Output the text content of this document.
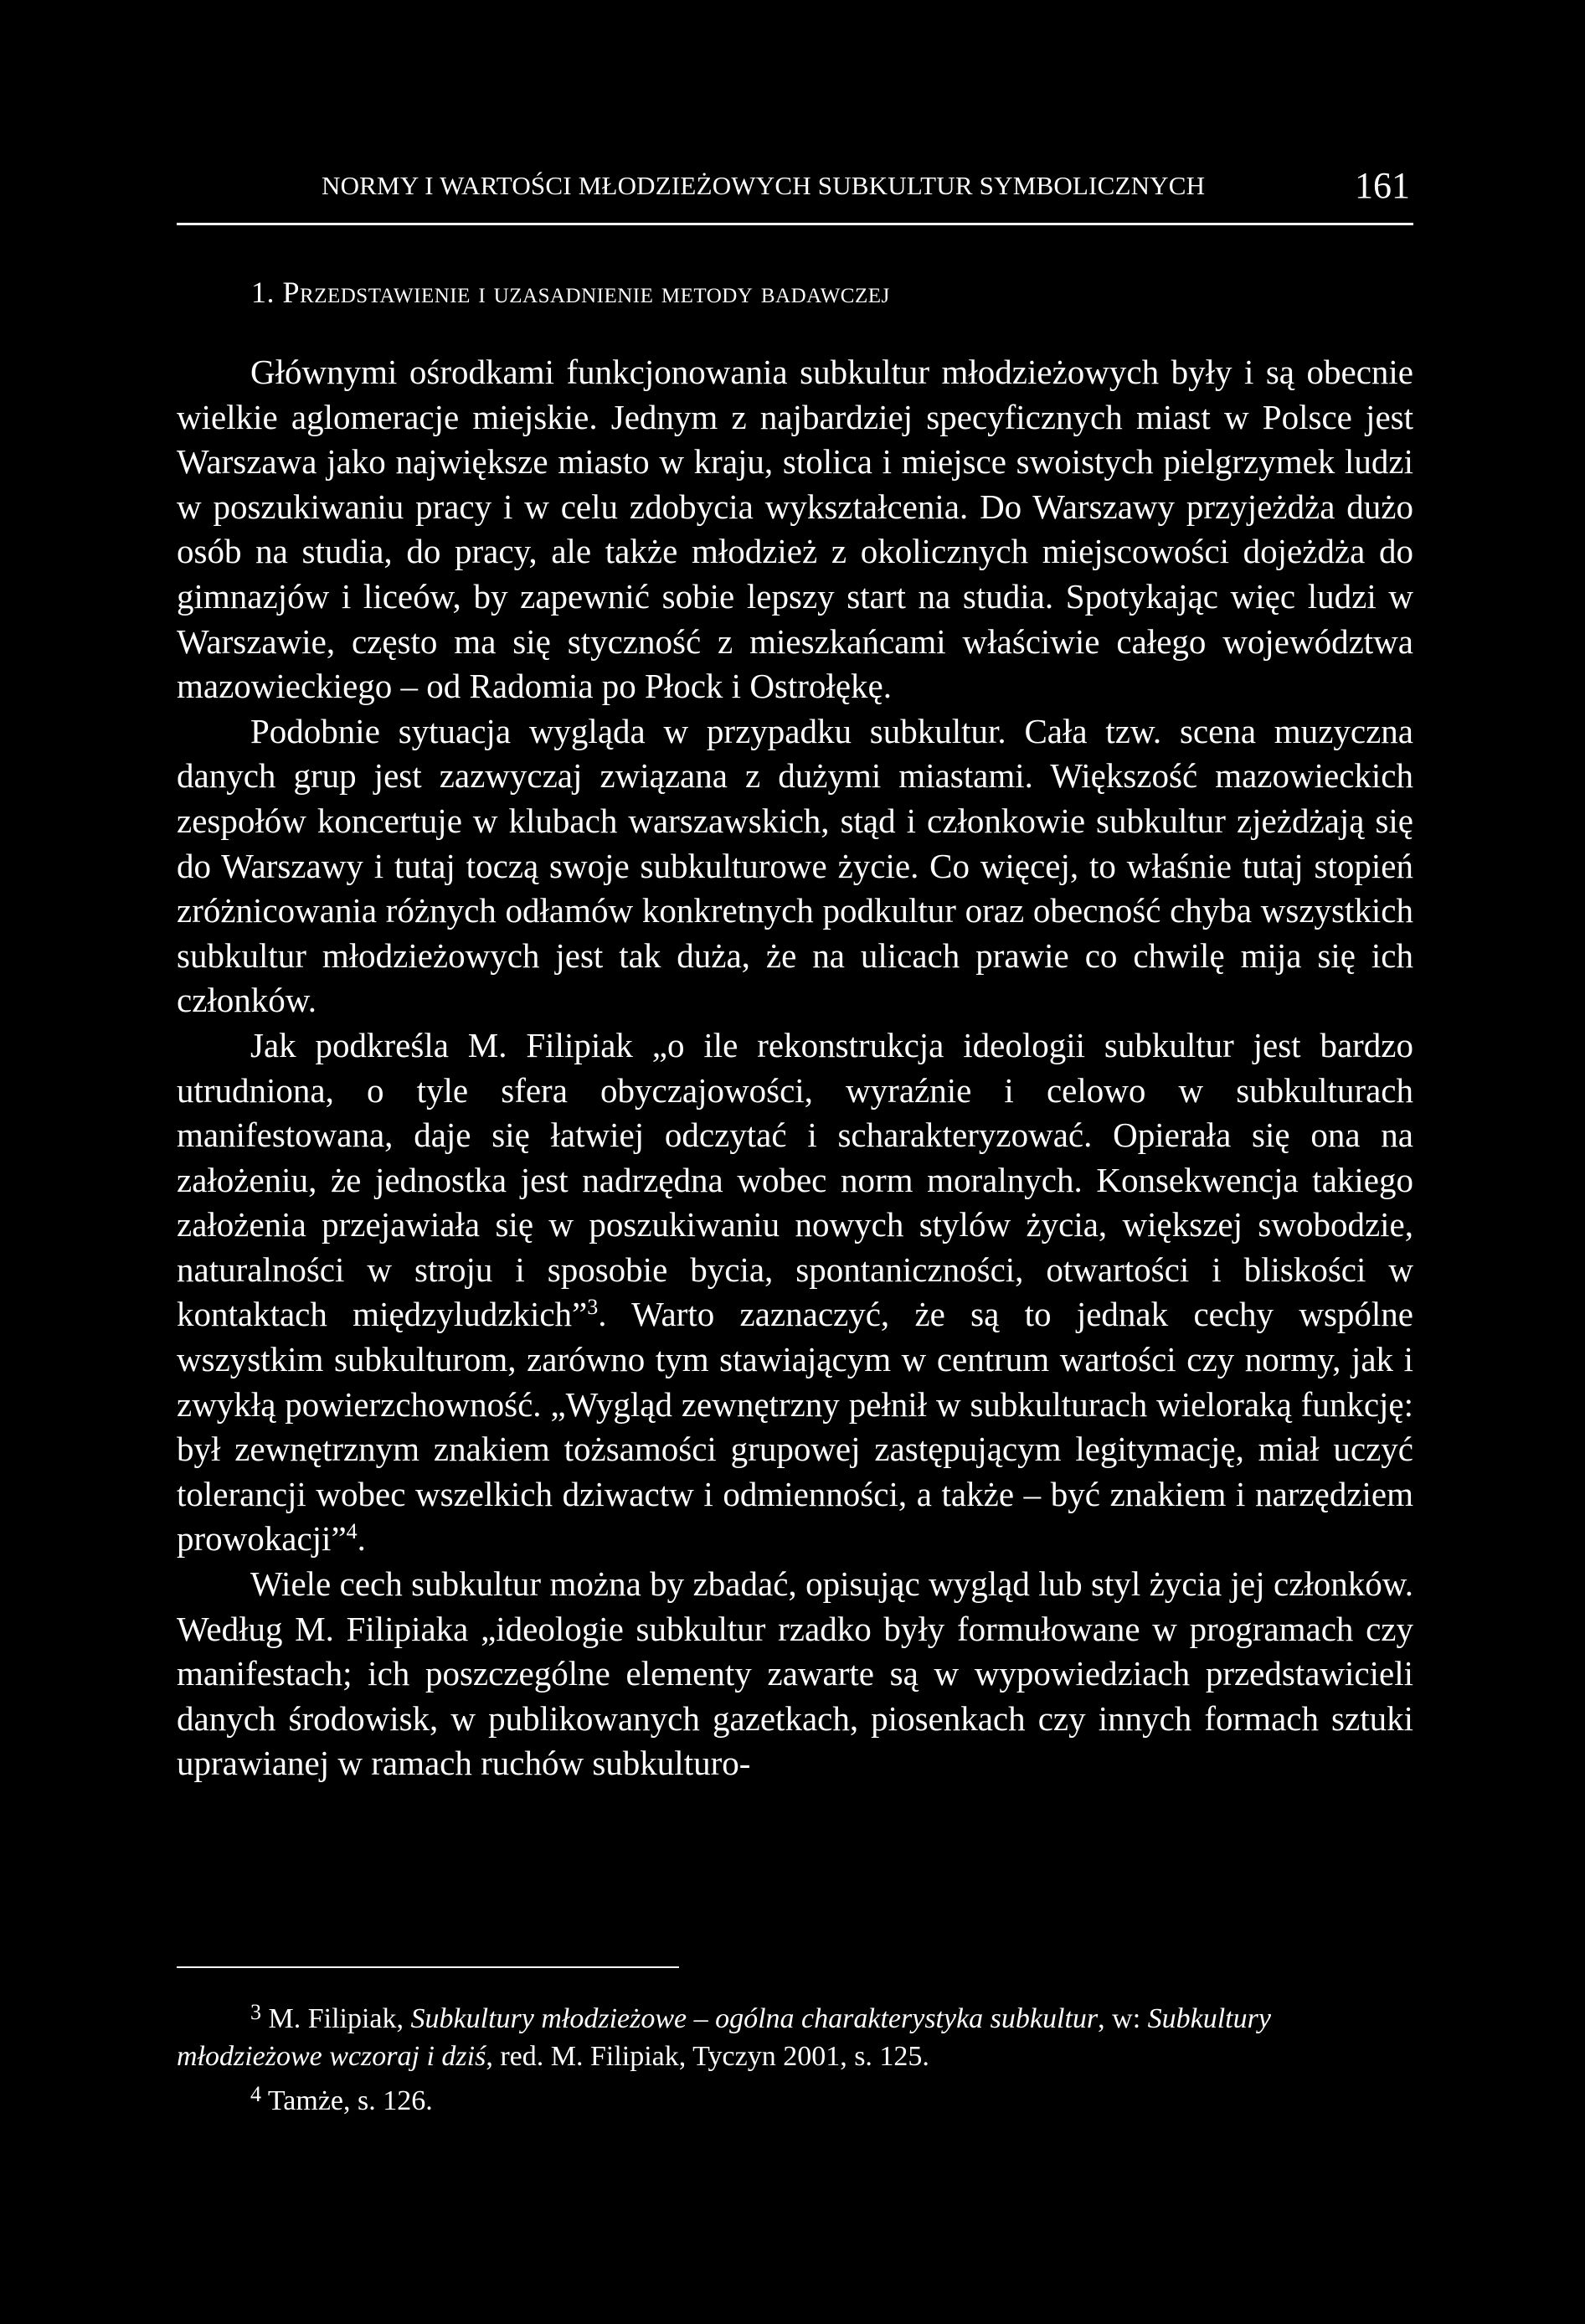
NORMY I WARTOŚCI MŁODZIEŻOWYCH SUBKULTUR SYMBOLICZNYCH	161
1. Przedstawienie i uzasadnienie metody badawczej

Głównymi ośrodkami funkcjonowania subkultur młodzieżowych były i są obecnie wielkie aglomeracje miejskie. Jednym z najbardziej specyficznych miast w Polsce jest Warszawa jako największe miasto w kraju, stolica i miejsce swoistych pielgrzymek ludzi w poszukiwaniu pracy i w celu zdobycia wykształcenia. Do Warszawy przyjeżdża dużo osób na studia, do pracy, ale także młodzież z okolicznych miejscowości dojeżdża do gimnazjów i liceów, by zapewnić sobie lepszy start na studia. Spotykając więc ludzi w Warszawie, często ma się styczność z mieszkańcami właściwie całego województwa mazowieckiego – od Radomia po Płock i Ostrołękę.

Podobnie sytuacja wygląda w przypadku subkultur. Cała tzw. scena muzyczna danych grup jest zazwyczaj związana z dużymi miastami. Większość mazowieckich zespołów koncertuje w klubach warszawskich, stąd i członkowie subkultur zjeżdżają się do Warszawy i tutaj toczą swoje subkulturowe życie. Co więcej, to właśnie tutaj stopień zróżnicowania różnych odłamów konkretnych podkultur oraz obecność chyba wszystkich subkultur młodzieżowych jest tak duża, że na ulicach prawie co chwilę mija się ich członków.

Jak podkreśla M. Filipiak „o ile rekonstrukcja ideologii subkultur jest bardzo utrudniona, o tyle sfera obyczajowości, wyraźnie i celowo w subkulturach manifestowana, daje się łatwiej odczytać i scharakteryzować. Opierała się ona na założeniu, że jednostka jest nadrzędna wobec norm moralnych. Konsekwencja takiego założenia przejawiała się w poszukiwaniu nowych stylów życia, większej swobodzie, naturalności w stroju i sposobie bycia, spontaniczności, otwartości i bliskości w kontaktach międzyludzkich”$^3$. Warto zaznaczyć, że są to jednak cechy wspólne wszystkim subkulturom, zarówno tym stawiającym w centrum wartości czy normy, jak i zwykłą powierzchowność. „Wygląd zewnętrzny pełnił w subkulturach wieloraką funkcję: był zewnętrznym znakiem tożsamości grupowej zastępującym legitymację, miał uczyć tolerancji wobec wszelkich dziwactw i odmienności, a także – być znakiem i narzędziem prowokacji”$^4$.

Wiele cech subkultur można by zbadać, opisując wygląd lub styl życia jej członków. Według M. Filipiaka „ideologie subkultur rzadko były formułowane w programach czy manifestach; ich poszczególne elementy zawarte są w wypowiedziach przedstawicieli danych środowisk, w publikowanych gazetkach, piosenkach czy innych formach sztuki uprawianej w ramach ruchów subkulturo-

$^3$ M. Filipiak, Subkultury młodzieżowe – ogólna charakterystyka subkultur, w: Subkultury młodzieżowe wczoraj i dziś, red. M. Filipiak, Tyczyn 2001, s. 125.

$^4$ Tamże, s. 126.
